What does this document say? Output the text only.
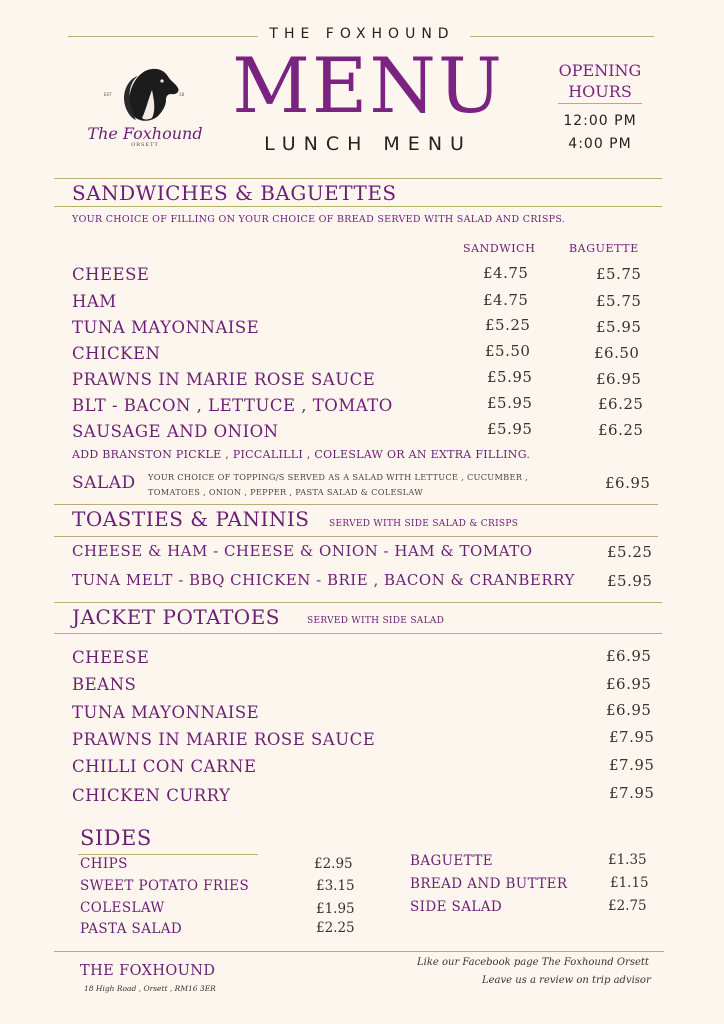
THE FOXHOUND
EST	18
The Foxhound
ORSETT
MENU
LUNCH MENU
OPENING HOURS
12:00 PM
4:00 PM
SANDWICHES & BAGUETTES
YOUR CHOICE OF FILLING ON YOUR CHOICE OF BREAD SERVED WITH SALAD AND CRISPS.
SANDWICH	BAGUETTE
CHEESE	£4.75	£5.75
HAM	£4.75	£5.75
TUNA MAYONNAISE	£5.25	£5.95
CHICKEN	£5.50	£6.50
PRAWNS IN MARIE ROSE SAUCE	£5.95	£6.95
BLT - BACON , LETTUCE , TOMATO	£5.95	£6.25
SAUSAGE AND ONION	£5.95	£6.25
ADD BRANSTON PICKLE , PICCALILLI , COLESLAW OR AN EXTRA FILLING.
SALAD YOUR CHOICE OF TOPPING/S SERVED AS A SALAD WITH LETTUCE , CUCUMBER ,
TOMATOES , ONION , PEPPER , PASTA SALAD & COLESLAW	£6.95
TOASTIES & PANINIS SERVED WITH SIDE SALAD & CRISPS
CHEESE & HAM - CHEESE & ONION - HAM & TOMATO	£5.25
TUNA MELT - BBQ CHICKEN - BRIE , BACON & CRANBERRY £5.95
JACKET POTATOES	SERVED WITH SIDE SALAD
CHEESE	£6.95
BEANS	£6.95
TUNA MAYONNAISE	£6.95
PRAWNS IN MARIE ROSE SAUCE	£7.95
CHILLI CON CARNE	£7.95
CHICKEN CURRY	£7.95
SIDES
CHIPS	£2.95
SWEET POTATO FRIES	£3.15
COLESLAW	£1.95
PASTA SALAD	£2.25
BAGUETTE	£1.35
BREAD AND BUTTER	£1.15
SIDE SALAD	£2.75
THE FOXHOUND
18 High Road , Orsett , RM16 3ER
Like our Facebook page The Foxhound Orsett
Leave us a review on trip advisor
